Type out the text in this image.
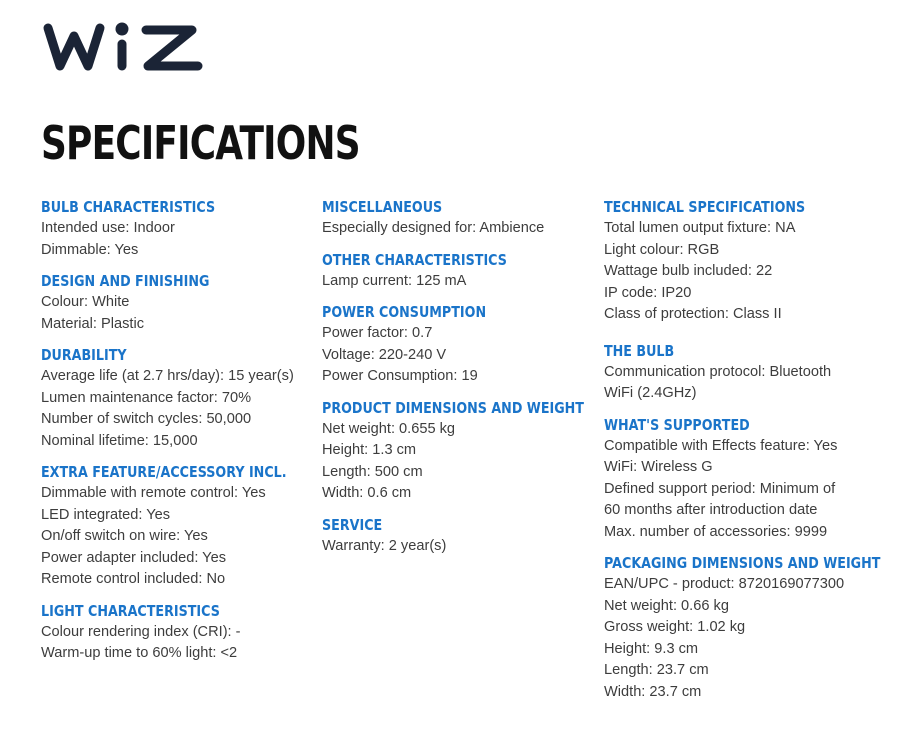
SPECIFICATIONS
BULB CHARACTERISTICS
Intended use: Indoor
Dimmable: Yes
DESIGN AND FINISHING
Colour: White
Material: Plastic
DURABILITY
Average life (at 2.7 hrs/day): 15 year(s)
Lumen maintenance factor: 70%
Number of switch cycles: 50,000
Nominal lifetime: 15,000
EXTRA FEATURE/ACCESSORY INCL.
Dimmable with remote control: Yes
LED integrated: Yes
On/off switch on wire: Yes
Power adapter included: Yes
Remote control included: No
LIGHT CHARACTERISTICS
Colour rendering index (CRI): -
Warm-up time to 60% light: <2
MISCELLANEOUS
Especially designed for: Ambience
OTHER CHARACTERISTICS
Lamp current: 125 mA
POWER CONSUMPTION
Power factor: 0.7
Voltage: 220-240 V
Power Consumption: 19
PRODUCT DIMENSIONS AND WEIGHT
Net weight: 0.655 kg
Height: 1.3 cm
Length: 500 cm
Width: 0.6 cm
SERVICE
Warranty: 2 year(s)
TECHNICAL SPECIFICATIONS
Total lumen output fixture: NA
Light colour: RGB
Wattage bulb included: 22
IP code: IP20
Class of protection: Class II
THE BULB
Communication protocol: Bluetooth
WiFi (2.4GHz)
WHAT'S SUPPORTED
Compatible with Effects feature: Yes
WiFi: Wireless G
Defined support period: Minimum of
60 months after introduction date
Max. number of accessories: 9999
PACKAGING DIMENSIONS AND WEIGHT
EAN/UPC - product: 8720169077300
Net weight: 0.66 kg
Gross weight: 1.02 kg
Height: 9.3 cm
Length: 23.7 cm
Width: 23.7 cm
